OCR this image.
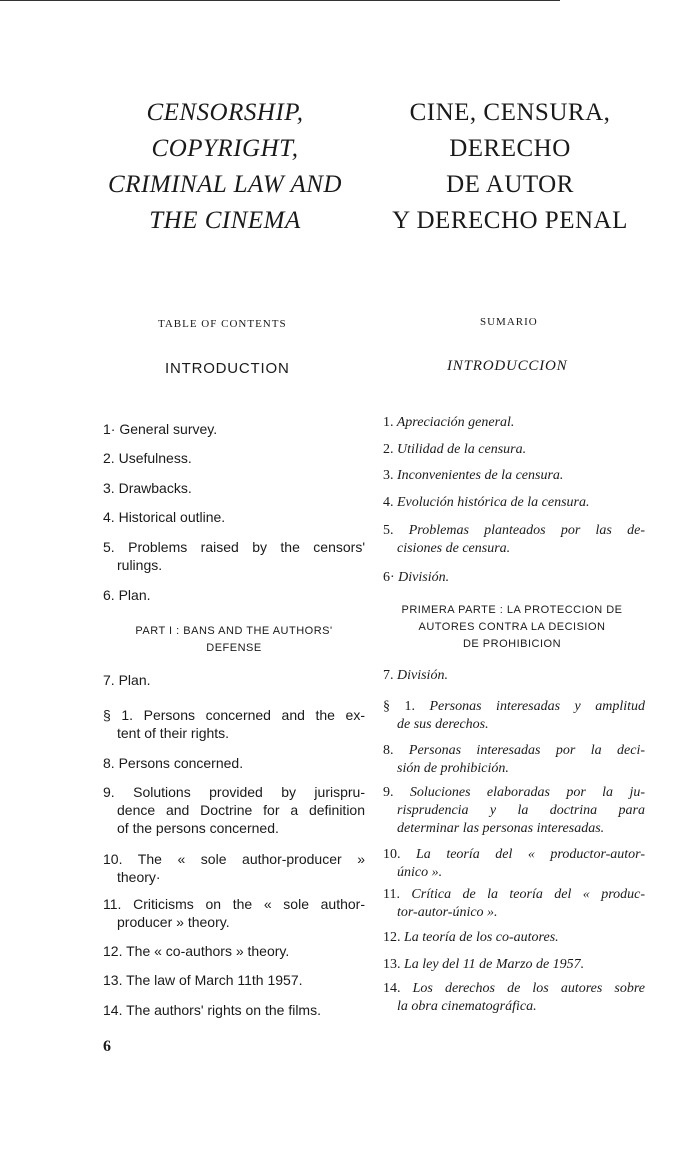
CENSORSHIP,
COPYRIGHT,
CRIMINAL LAW AND
THE CINEMA
CINE, CENSURA,
DERECHO
DE AUTOR
Y DERECHO PENAL
TABLE OF CONTENTS	SUMARIO
INTRODUCTION	INTRODUCCION
PART I : BANS AND THE AUTHORS'
DEFENSE
PRIMERA PARTE : LA PROTECCION DE
AUTORES CONTRA LA DECISION
DE PROHIBICION
1· General survey.
2. Usefulness.
3. Drawbacks.
4. Historical outline.
5. Problems raised by the censors'
rulings.
6. Plan.
7. Plan.
§ 1. Persons concerned and the ex-
tent of their rights.
8. Persons concerned.
9. Solutions provided by jurispru-
dence and Doctrine for a definition
of the persons concerned.
10. The « sole author-producer »
theory·
11. Criticisms on the « sole author-
producer » theory.
12. The « co-authors » theory.
13. The law of March 11th 1957.
14. The authors' rights on the films.
1. Apreciación general.
2. Utilidad de la censura.
3. Inconvenientes de la censura.
4. Evolución histórica de la censura.
5. Problemas planteados por las de-
cisiones de censura.
6· División.
7. División.
§ 1. Personas interesadas y amplitud
de sus derechos.
8. Personas interesadas por la deci-
sión de prohibición.
9. Soluciones elaboradas por la ju-
risprudencia y la doctrina para
determinar las personas interesadas.
10. La teoría del « productor-autor-
único ».
11. Crítica de la teoría del « produc-
tor-autor-único ».
12. La teoría de los co-autores.
13. La ley del 11 de Marzo de 1957.
14. Los derechos de los autores sobre
la obra cinematográfica.
6
